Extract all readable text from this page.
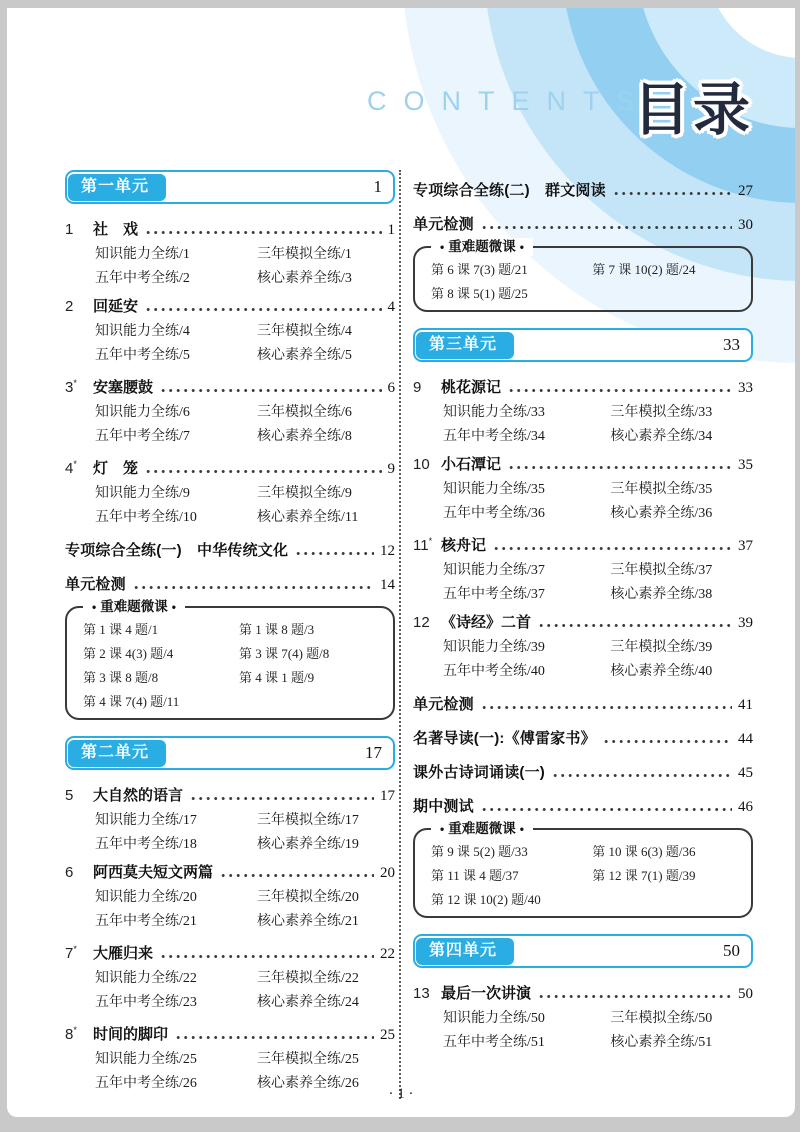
CONTENTS
目录
第一单元	1
1	社　戏	1
知识能力全练/1	三年模拟全练/1
五年中考全练/2	核心素养全练/3
2	回延安	4
知识能力全练/4	三年模拟全练/4
五年中考全练/5	核心素养全练/5
3*	安塞腰鼓	6
知识能力全练/6	三年模拟全练/6
五年中考全练/7	核心素养全练/8
4*	灯　笼	9
知识能力全练/9	三年模拟全练/9
五年中考全练/10	核心素养全练/11
专项综合全练(一)　中华传统文化	12
单元检测	14
• 重难题微课 •
第 1 课 4 题/1	第 1 课 8 题/3
第 2 课 4(3) 题/4	第 3 课 7(4) 题/8
第 3 课 8 题/8	第 4 课 1 题/9
第 4 课 7(4) 题/11
第二单元	17
5	大自然的语言	17
知识能力全练/17	三年模拟全练/17
五年中考全练/18	核心素养全练/19
6	阿西莫夫短文两篇	20
知识能力全练/20	三年模拟全练/20
五年中考全练/21	核心素养全练/21
7*	大雁归来	22
知识能力全练/22	三年模拟全练/22
五年中考全练/23	核心素养全练/24
8*	时间的脚印	25
知识能力全练/25	三年模拟全练/25
五年中考全练/26	核心素养全练/26
专项综合全练(二)　群文阅读	27
单元检测	30
• 重难题微课 •
第 6 课 7(3) 题/21	第 7 课 10(2) 题/24
第 8 课 5(1) 题/25
第三单元	33
9	桃花源记	33
知识能力全练/33	三年模拟全练/33
五年中考全练/34	核心素养全练/34
10 小石潭记	35
知识能力全练/35	三年模拟全练/35
五年中考全练/36	核心素养全练/36
11* 核舟记	37
知识能力全练/37	三年模拟全练/37
五年中考全练/37	核心素养全练/38
12 《诗经》二首	39
知识能力全练/39	三年模拟全练/39
五年中考全练/40	核心素养全练/40
单元检测	41
名著导读(一):《傅雷家书》	44
课外古诗词诵读(一)	45
期中测试	46
• 重难题微课 •
第 9 课 5(2) 题/33	第 10 课 6(3) 题/36
第 11 课 4 题/37	第 12 课 7(1) 题/39
第 12 课 10(2) 题/40
第四单元	50
13 最后一次讲演	50
知识能力全练/50	三年模拟全练/50
五年中考全练/51	核心素养全练/51
· 1 ·
